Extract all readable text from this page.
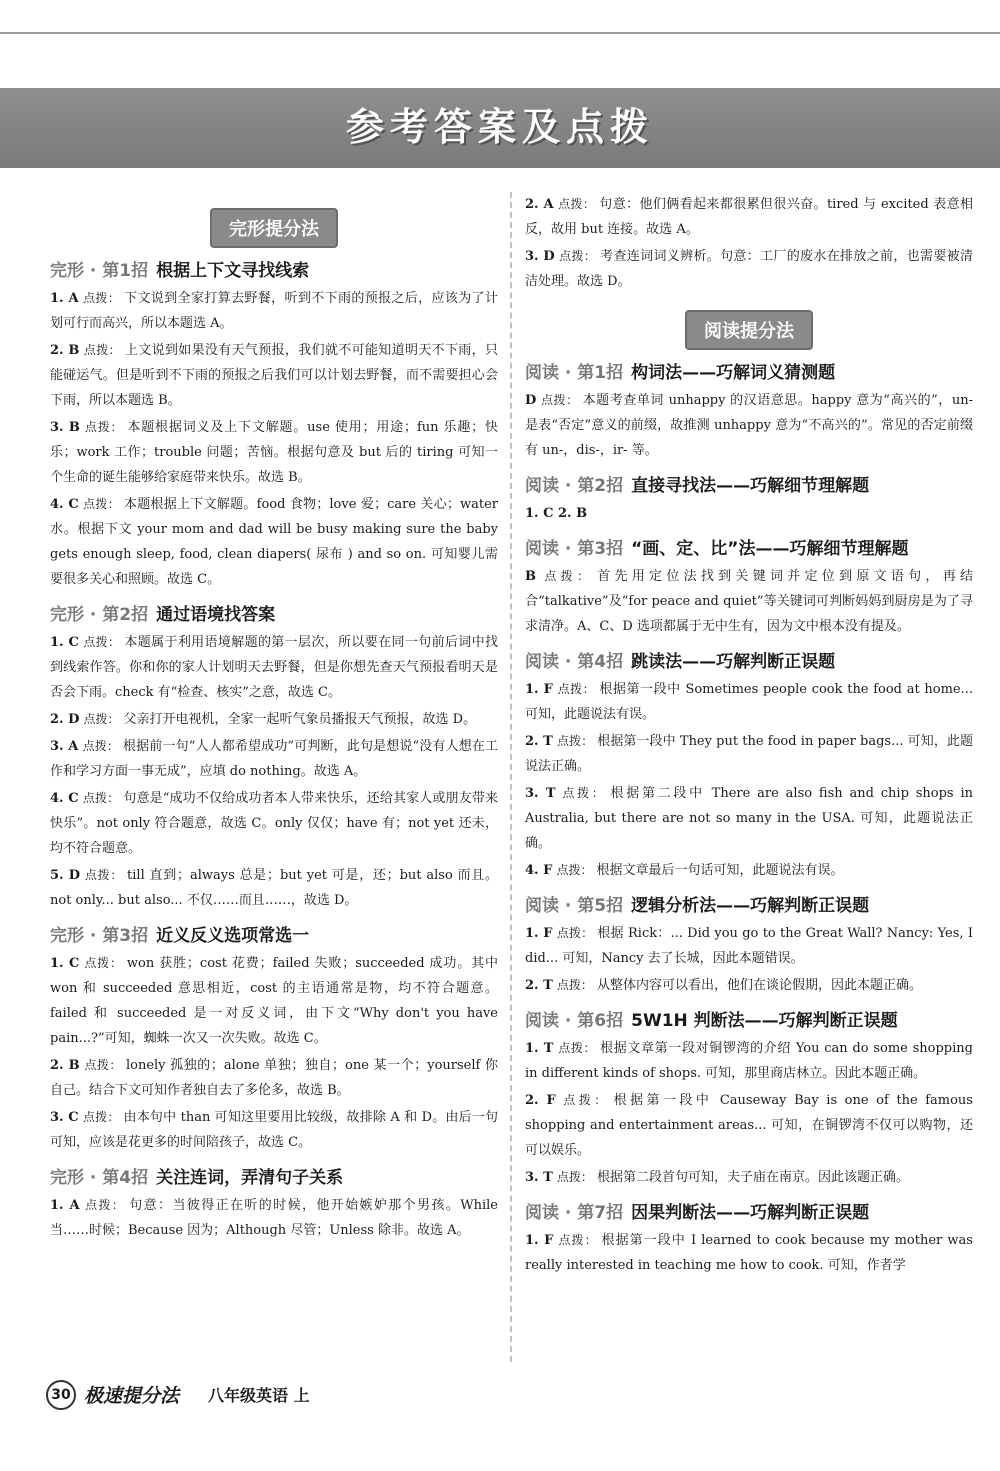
参考答案及点拨
完形提分法
完形 · 第1招 根据上下文寻找线索
1. A 点拨： 下文说到全家打算去野餐，听到不下雨的预报之后，应该为了计划可行而高兴，所以本题选 A。
2. B 点拨： 上文说到如果没有天气预报，我们就不可能知道明天不下雨，只能碰运气。但是听到不下雨的预报之后我们可以计划去野餐，而不需要担心会下雨，所以本题选 B。
3. B 点拨： 本题根据词义及上下文解题。use 使用；用途；fun 乐趣；快乐；work 工作；trouble 问题；苦恼。根据句意及 but 后的 tiring 可知一个生命的诞生能够给家庭带来快乐。故选 B。
4. C 点拨： 本题根据上下文解题。food 食物；love 爱；care 关心；water 水。根据下文 your mom and dad will be busy making sure the baby gets enough sleep, food, clean diapers( 尿布 ) and so on. 可知婴儿需要很多关心和照顾。故选 C。
完形 · 第2招 通过语境找答案
1. C 点拨： 本题属于利用语境解题的第一层次，所以要在同一句前后词中找到线索作答。你和你的家人计划明天去野餐，但是你想先查天气预报看明天是否会下雨。check 有“检查、核实”之意，故选 C。
2. D 点拨： 父亲打开电视机，全家一起听气象员播报天气预报，故选 D。
3. A 点拨： 根据前一句“人人都希望成功”可判断，此句是想说“没有人想在工作和学习方面一事无成”，应填 do nothing。故选 A。
4. C 点拨： 句意是“成功不仅给成功者本人带来快乐，还给其家人或朋友带来快乐”。not only 符合题意，故选 C。only 仅仅；have 有；not yet 还未，均不符合题意。
5. D 点拨： till 直到；always 总是；but yet 可是，还；but also 而且。not only... but also... 不仅……而且……，故选 D。
完形 · 第3招 近义反义选项常选一
1. C 点拨： won 获胜；cost 花费；failed 失败；succeeded 成功。其中 won 和 succeeded 意思相近，cost 的主语通常是物，均不符合题意。failed 和 succeeded 是一对反义词，由下文“Why don't you have pain...?”可知，蜘蛛一次又一次失败。故选 C。
2. B 点拨： lonely 孤独的；alone 单独；独自；one 某一个；yourself 你自己。结合下文可知作者独自去了多伦多，故选 B。
3. C 点拨： 由本句中 than 可知这里要用比较级，故排除 A 和 D。由后一句可知，应该是花更多的时间陪孩子，故选 C。
完形 · 第4招 关注连词，弄清句子关系
1. A 点拨： 句意：当彼得正在听的时候，他开始嫉妒那个男孩。While 当……时候；Because 因为；Although 尽管；Unless 除非。故选 A。
2. A 点拨： 句意：他们俩看起来都很累但很兴奋。tired 与 excited 表意相反，故用 but 连接。故选 A。
3. D 点拨： 考查连词词义辨析。句意：工厂的废水在排放之前，也需要被清洁处理。故选 D。
阅读提分法
阅读 · 第1招 构词法——巧解词义猜测题
D 点拨： 本题考查单词 unhappy 的汉语意思。happy 意为“高兴的”，un- 是表“否定”意义的前缀，故推测 unhappy 意为“不高兴的”。常见的否定前缀有 un-，dis-，ir- 等。
阅读 · 第2招 直接寻找法——巧解细节理解题
1. C 2. B
阅读 · 第3招 “画、定、比”法——巧解细节理解题
B 点拨： 首先用定位法找到关键词并定位到原文语句，再结合“talkative”及“for peace and quiet”等关键词可判断妈妈到厨房是为了寻求清净。A、C、D 选项都属于无中生有，因为文中根本没有提及。
阅读 · 第4招 跳读法——巧解判断正误题
1. F 点拨： 根据第一段中 Sometimes people cook the food at home... 可知，此题说法有误。
2. T 点拨： 根据第一段中 They put the food in paper bags... 可知，此题说法正确。
3. T 点拨： 根据第二段中 There are also fish and chip shops in Australia, but there are not so many in the USA. 可知，此题说法正确。
4. F 点拨： 根据文章最后一句话可知，此题说法有误。
阅读 · 第5招 逻辑分析法——巧解判断正误题
1. F 点拨： 根据 Rick：... Did you go to the Great Wall? Nancy: Yes, I did... 可知，Nancy 去了长城，因此本题错误。
2. T 点拨： 从整体内容可以看出，他们在谈论假期，因此本题正确。
阅读 · 第6招 5W1H 判断法——巧解判断正误题
1. T 点拨： 根据文章第一段对铜锣湾的介绍 You can do some shopping in different kinds of shops. 可知，那里商店林立。因此本题正确。
2. F 点拨： 根据第一段中 Causeway Bay is one of the famous shopping and entertainment areas... 可知，在铜锣湾不仅可以购物，还可以娱乐。
3. T 点拨： 根据第二段首句可知，夫子庙在南京。因此该题正确。
阅读 · 第7招 因果判断法——巧解判断正误题
1. F 点拨： 根据第一段中 I learned to cook because my mother was really interested in teaching me how to cook. 可知，作者学
30 极速提分法 八年级英语 上
